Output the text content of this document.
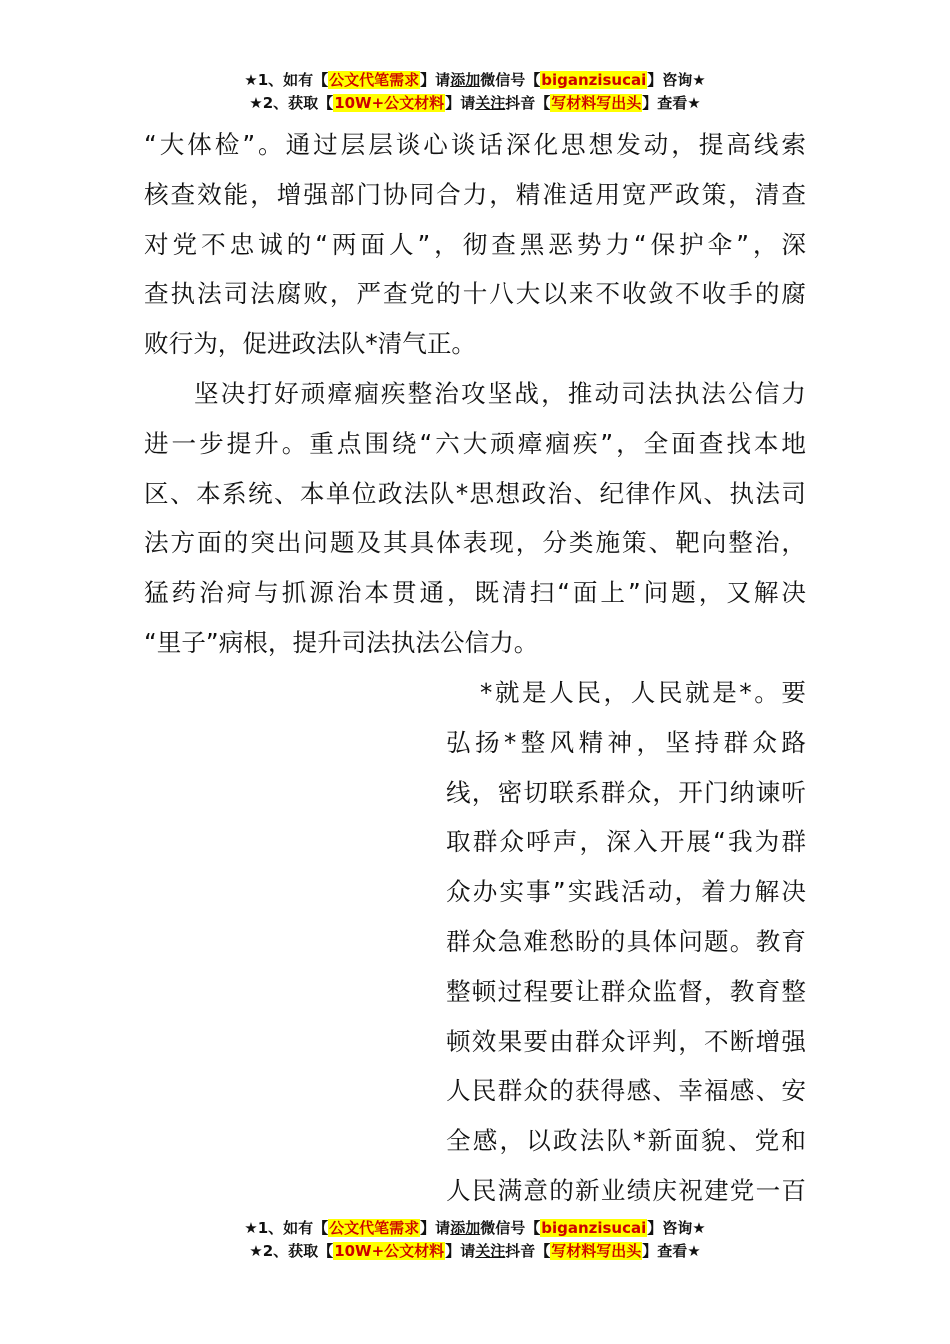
★1、如有【公文代笔需求】请添加微信号【biganzisucai】咨询★
★2、获取【10W+公文材料】请关注抖音【写材料写出头】查看★
“大体检”。通过层层谈心谈话深化思想发动，提高线索
核查效能，增强部门协同合力，精准适用宽严政策，清查
对党不忠诚的“两面人”，彻查黑恶势力“保护伞”，深
查执法司法腐败，严查党的十八大以来不收敛不收手的腐
败行为，促进政法队*清气正。
坚决打好顽瘴痼疾整治攻坚战，推动司法执法公信力
进一步提升。重点围绕“六大顽瘴痼疾”，全面查找本地
区、本系统、本单位政法队*思想政治、纪律作风、执法司
法方面的突出问题及其具体表现，分类施策、靶向整治，
猛药治疴与抓源治本贯通，既清扫“面上”问题，又解决
“里子”病根，提升司法执法公信力。
*就是人民，人民就是*。要
弘扬*整风精神，坚持群众路
线，密切联系群众，开门纳谏听
取群众呼声，深入开展“我为群
众办实事”实践活动，着力解决
群众急难愁盼的具体问题。教育
整顿过程要让群众监督，教育整
顿效果要由群众评判，不断增强
人民群众的获得感、幸福感、安
全感，以政法队*新面貌、党和
人民满意的新业绩庆祝建党一百
★1、如有【公文代笔需求】请添加微信号【biganzisucai】咨询★
★2、获取【10W+公文材料】请关注抖音【写材料写出头】查看★
